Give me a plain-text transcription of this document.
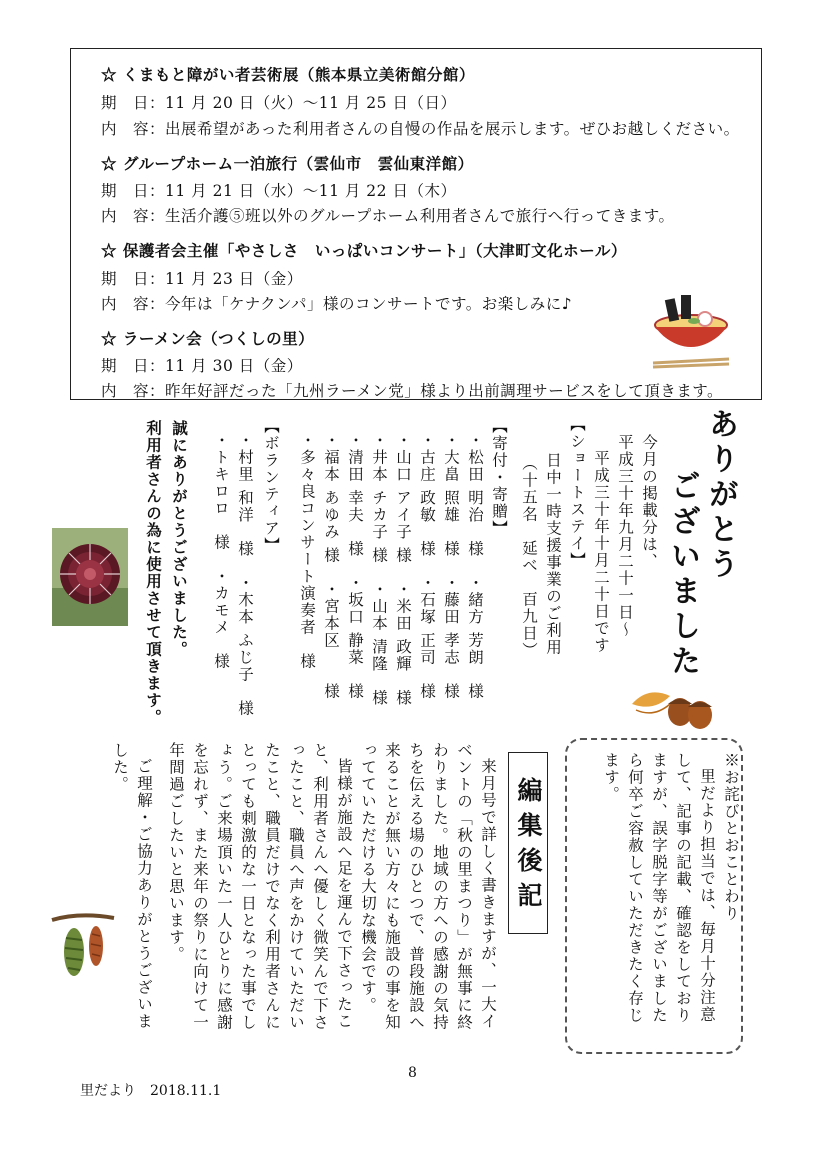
☆ くまもと障がい者芸術展（熊本県立美術館分館）
期　日：11 月 20 日（火）〜11 月 25 日（日）
内　容：出展希望があった利用者さんの自慢の作品を展示します。ぜひお越しください。
☆ グループホーム一泊旅行（雲仙市　雲仙東洋館）
期　日：11 月 21 日（水）〜11 月 22 日（木）
内　容：生活介護⑤班以外のグループホーム利用者さんで旅行へ行ってきます。
☆ 保護者会主催「やさしさ　いっぱいコンサート」（大津町文化ホール）
期　日：11 月 23 日（金）
内　容：今年は「ケナクンパ」様のコンサートです。お楽しみに♪
☆ ラーメン会（つくしの里）
期　日：11 月 30 日（金）
内　容：昨年好評だった「九州ラーメン党」様より出前調理サービスをして頂きます。
ありがとう
ございました
今月の掲載分は、
平成三十年九月二十一日〜
平成三十年十月二十日です
【ショートステイ】
日中一時支援事業のご利用
（十五名　延べ　百九日）
【寄付・寄贈】
・松田 明治　様　・緒方 芳朗　様
・大畠 照雄　様　・藤田 孝志　様
・古庄 政敏　様　・石塚 正司　様
・山口 アイ子 様　・米田 政輝　様
・井本 チカ子 様　・山本 清隆　様
・清田 幸夫　様　・坂口 静菜　様
・福本 あゆみ 様　・宮本区　　様
・多々良コンサート演奏者　様
【ボランティア】
・村里 和洋　様　・木本 ふじ子　様
・トキロロ　様　・カモメ　様
誠にありがとうございました。
利用者さんの為に使用させて頂きます。
※お詫びとおことわり
里だより担当では、毎月十分注意
して、記事の記載、確認をしており
ますが、誤字脱字等がございました
ら何卒ご容赦していただきたく存じ
ます。
編集後記
来月号で詳しく書きますが、一大イ
ベントの「秋の里まつり」が無事に終
わりました。地域の方への感謝の気持
ちを伝える場のひとつで、普段施設へ
来ることが無い方々にも施設の事を知
ってていただける大切な機会です。
皆様が施設へ足を運んで下さったこ
と、利用者さんへ優しく微笑んで下さ
ったこと、職員へ声をかけていただい
たこと、職員だけでなく利用者さんに
とっても刺激的な一日となった事でし
ょう。ご来場頂いた一人ひとりに感謝
を忘れず、また来年の祭りに向けて一
年間過ごしたいと思います。
ご理解・ご協力ありがとうございま
した。
8
里だより　2018.11.1
